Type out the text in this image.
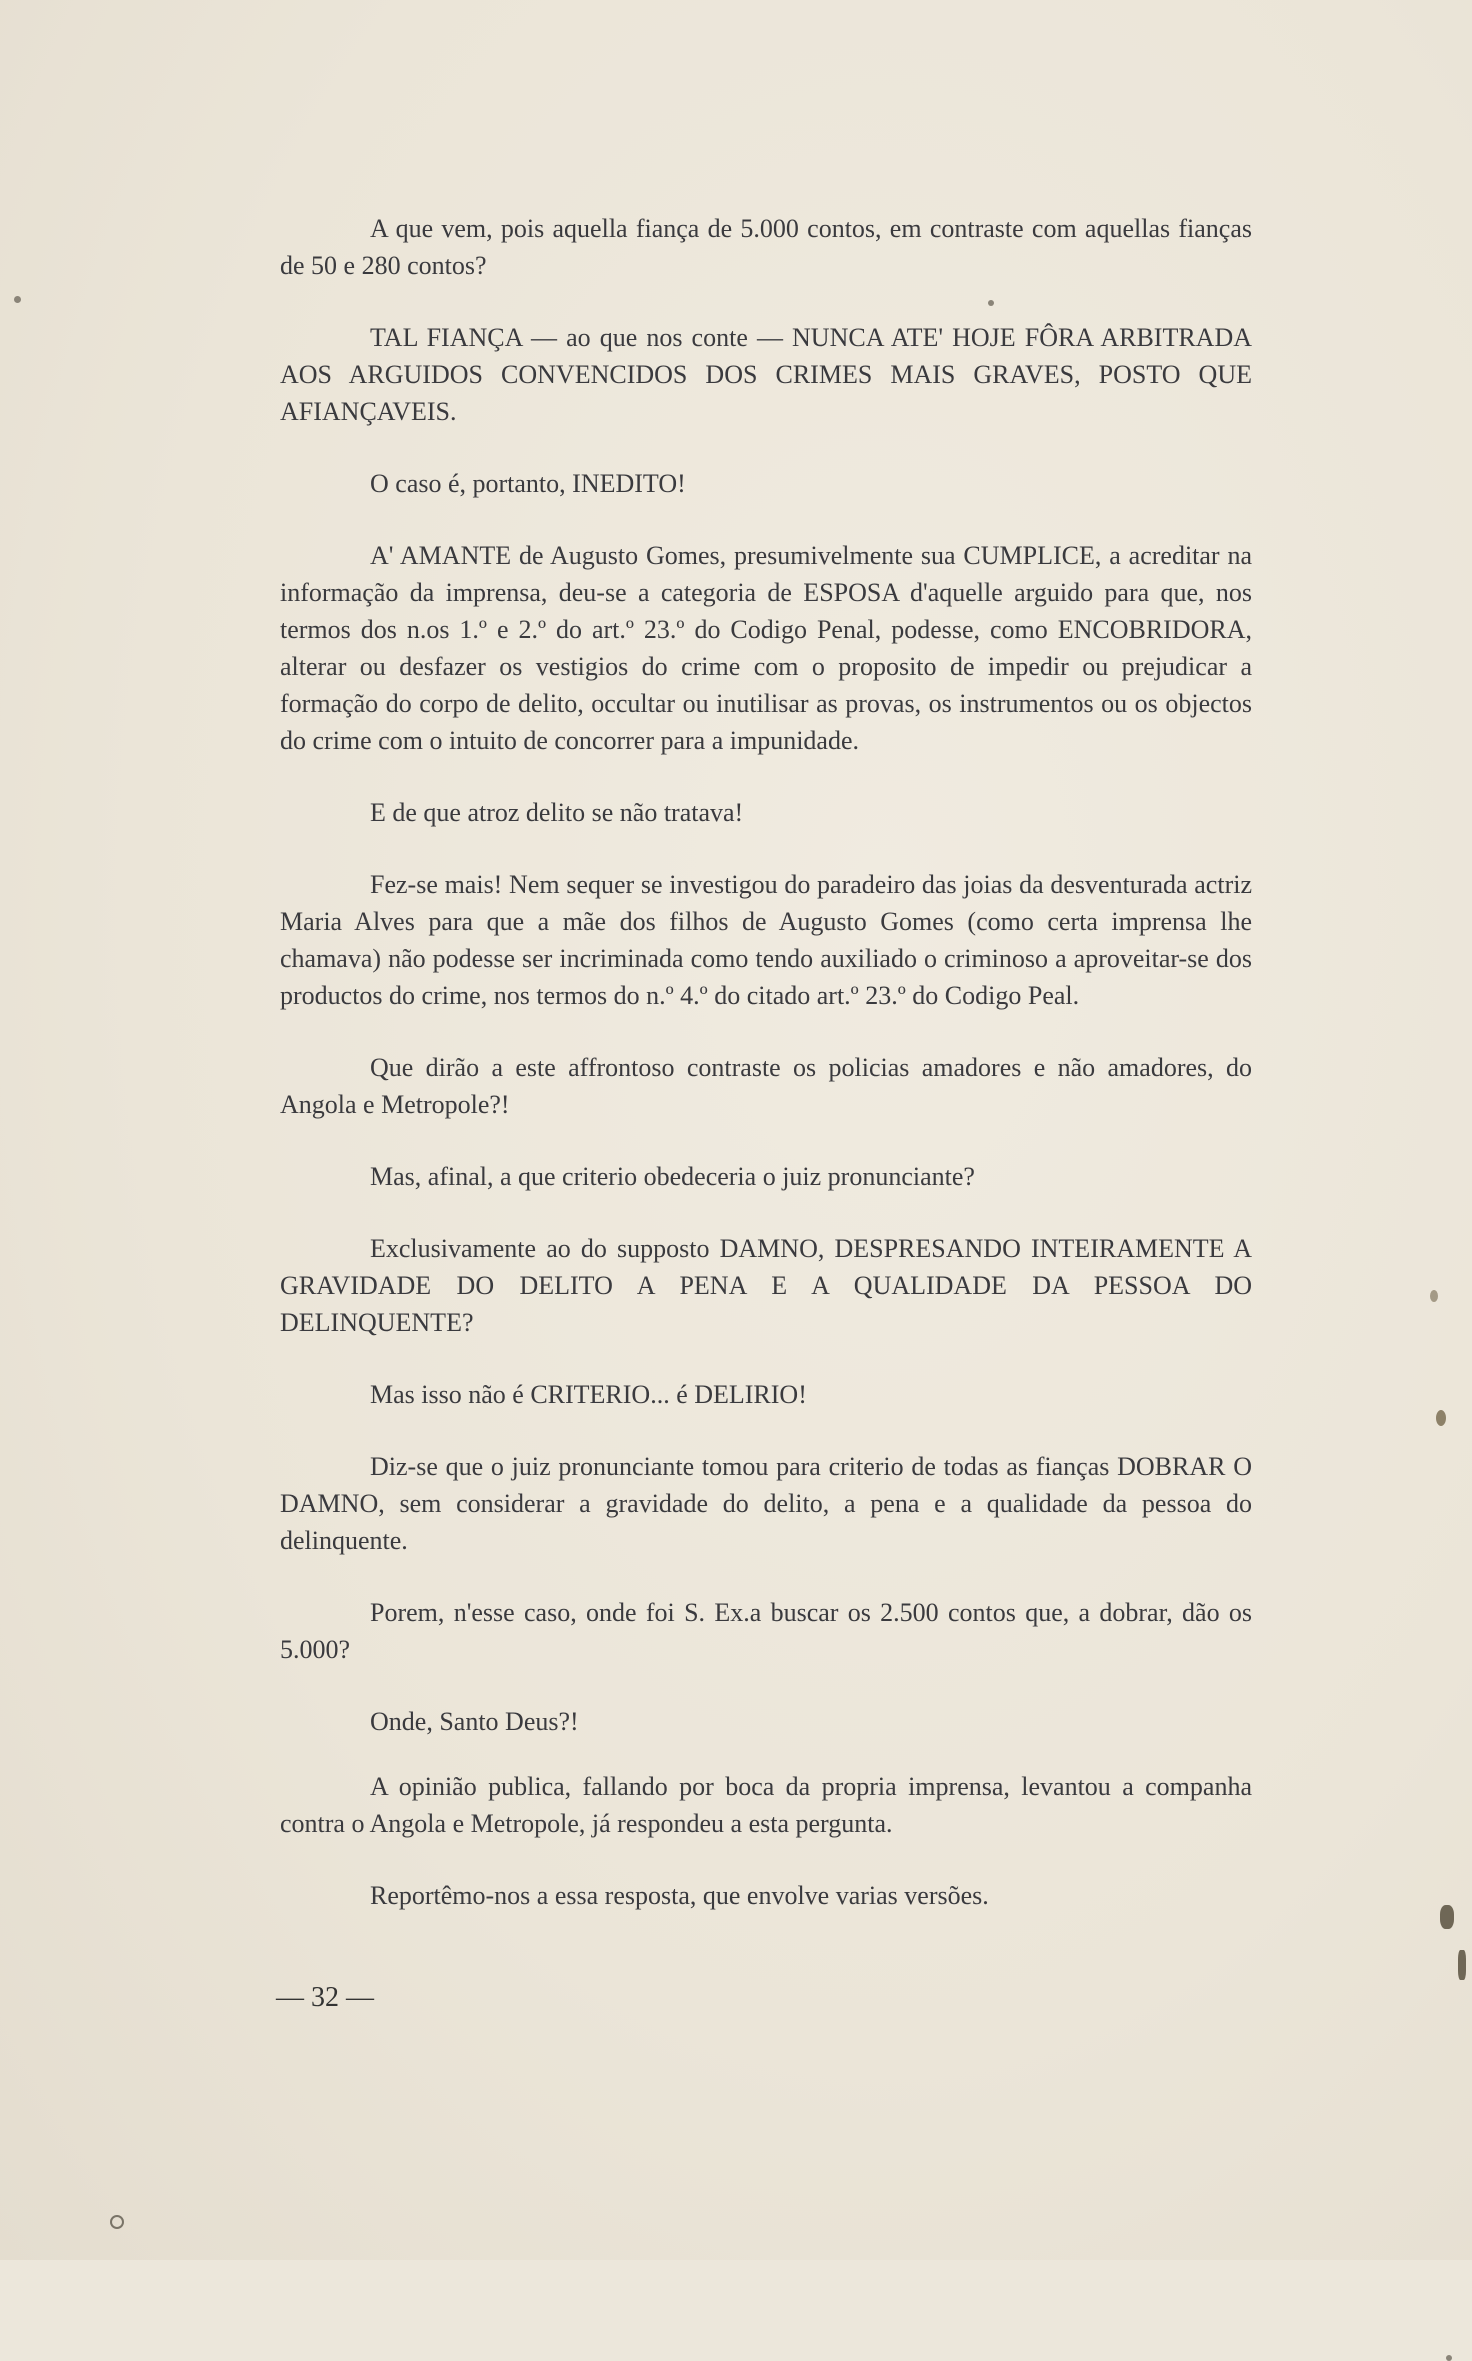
A que vem, pois aquella fiança de 5.000 contos, em contraste com aquellas fianças de 50 e 280 contos?

TAL FIANÇA — ao que nos conte — NUNCA ATE' HOJE FÔRA ARBITRADA AOS ARGUIDOS CONVENCIDOS DOS CRIMES MAIS GRAVES, POSTO QUE AFIANÇAVEIS.

O caso é, portanto, INEDITO!

A' AMANTE de Augusto Gomes, presumivelmente sua CUMPLICE, a acreditar na informação da imprensa, deu-se a categoria de ESPOSA d'aquelle arguido para que, nos termos dos n.os 1.º e 2.º do art.º 23.º do Codigo Penal, podesse, como ENCOBRIDORA, alterar ou desfazer os vestigios do crime com o proposito de impedir ou prejudicar a formação do corpo de delito, occultar ou inutilisar as provas, os instrumentos ou os objectos do crime com o intuito de concorrer para a impunidade.

E de que atroz delito se não tratava!

Fez-se mais! Nem sequer se investigou do paradeiro das joias da desventurada actriz Maria Alves para que a mãe dos filhos de Augusto Gomes (como certa imprensa lhe chamava) não podesse ser incriminada como tendo auxiliado o criminoso a aproveitar-se dos productos do crime, nos termos do n.º 4.º do citado art.º 23.º do Codigo Peal.

Que dirão a este affrontoso contraste os policias amadores e não amadores, do Angola e Metropole?!

Mas, afinal, a que criterio obedeceria o juiz pronunciante?

Exclusivamente ao do supposto DAMNO, DESPRESANDO INTEIRAMENTE A GRAVIDADE DO DELITO A PENA E A QUALIDADE DA PESSOA DO DELINQUENTE?

Mas isso não é CRITERIO... é DELIRIO!

Diz-se que o juiz pronunciante tomou para criterio de todas as fianças DOBRAR O DAMNO, sem considerar a gravidade do delito, a pena e a qualidade da pessoa do delinquente.

Porem, n'esse caso, onde foi S. Ex.a buscar os 2.500 contos que, a dobrar, dão os 5.000?

Onde, Santo Deus?!

A opinião publica, fallando por boca da propria imprensa, levantou a companha contra o Angola e Metropole, já respondeu a esta pergunta.

Reportêmo-nos a essa resposta, que envolve varias versões.

— 32 —
